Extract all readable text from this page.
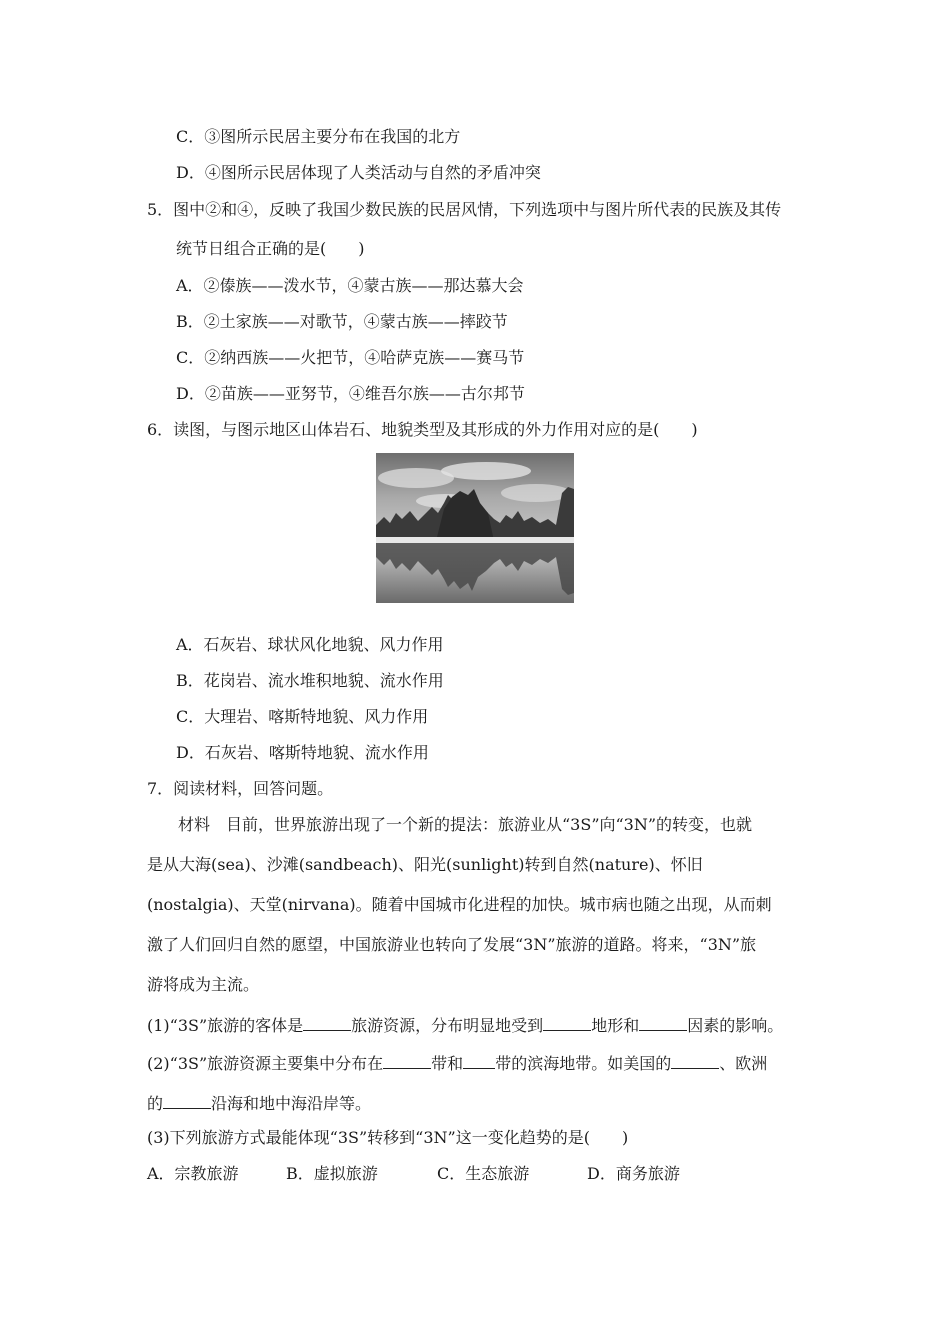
C．③图所示民居主要分布在我国的北方
D．④图所示民居体现了人类活动与自然的矛盾冲突
5．图中②和④，反映了我国少数民族的民居风情，下列选项中与图片所代表的民族及其传
统节日组合正确的是(　　)
A．②傣族——泼水节，④蒙古族——那达慕大会
B．②土家族——对歌节，④蒙古族——摔跤节
C．②纳西族——火把节，④哈萨克族——赛马节
D．②苗族——亚努节，④维吾尔族——古尔邦节
6．读图，与图示地区山体岩石、地貌类型及其形成的外力作用对应的是(　　)
A．石灰岩、球状风化地貌、风力作用
B．花岗岩、流水堆积地貌、流水作用
C．大理岩、喀斯特地貌、风力作用
D．石灰岩、喀斯特地貌、流水作用
7．阅读材料，回答问题。
材料　目前，世界旅游出现了一个新的提法：旅游业从“3S”向“3N”的转变，也就
是从大海(sea)、沙滩(sandbeach)、阳光(sunlight)转到自然(nature)、怀旧
(nostalgia)、天堂(nirvana)。随着中国城市化进程的加快。城市病也随之出现，从而刺
激了人们回归自然的愿望，中国旅游业也转向了发展“3N”旅游的道路。将来，“3N”旅
游将成为主流。
(1)“3S”旅游的客体是	旅游资源，分布明显地受到	地形和	因素的影响。
(2)“3S”旅游资源主要集中分布在	带和 带的滨海地带。如美国的	、欧洲
的	沿海和地中海沿岸等。
(3)下列旅游方式最能体现“3S”转移到“3N”这一变化趋势的是(　　)
A．宗教旅游	B．虚拟旅游	C．生态旅游	D．商务旅游
